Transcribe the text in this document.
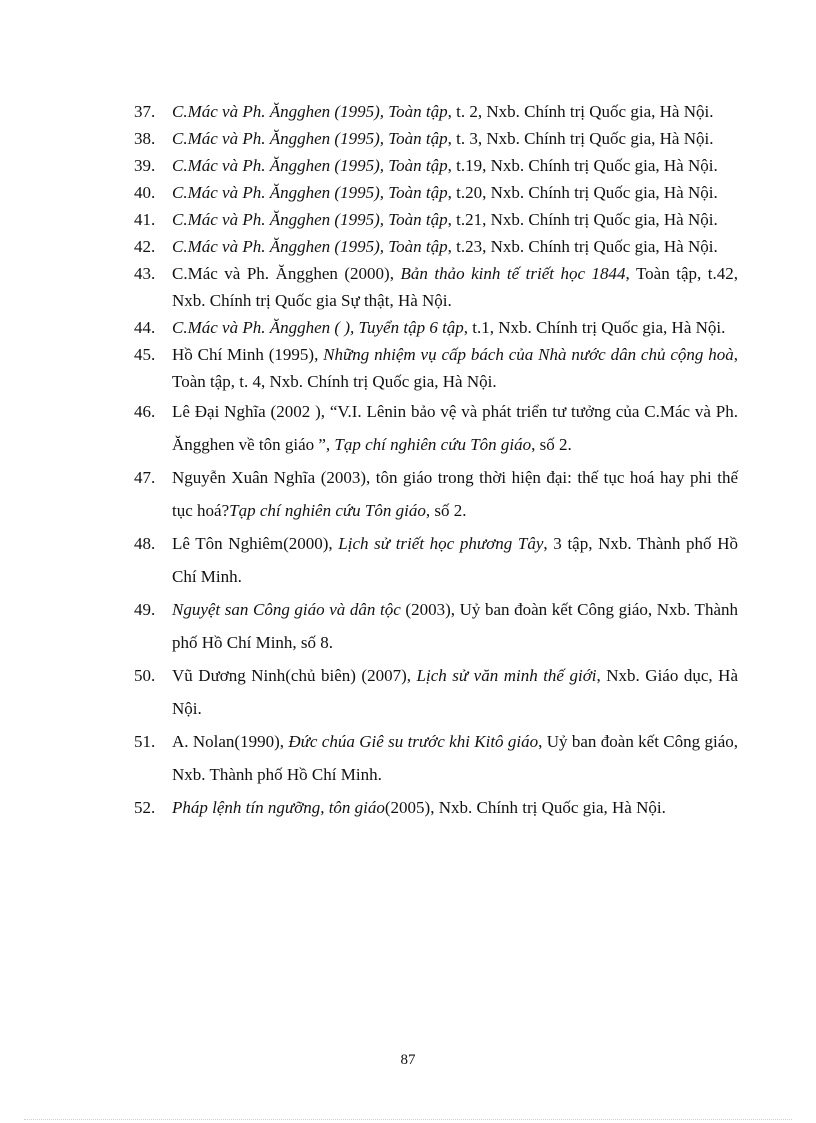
37. C.Mác và Ph. Ăngghen (1995), Toàn tập, t. 2, Nxb. Chính trị Quốc gia, Hà Nội.
38. C.Mác và Ph. Ăngghen (1995), Toàn tập, t. 3, Nxb. Chính trị Quốc gia, Hà Nội.
39. C.Mác và Ph. Ăngghen (1995), Toàn tập, t.19, Nxb. Chính trị Quốc gia, Hà Nội.
40. C.Mác và Ph. Ăngghen (1995), Toàn tập, t.20, Nxb. Chính trị Quốc gia, Hà Nội.
41. C.Mác và Ph. Ăngghen (1995), Toàn tập, t.21, Nxb. Chính trị Quốc gia, Hà Nội.
42. C.Mác và Ph. Ăngghen (1995), Toàn tập, t.23, Nxb. Chính trị Quốc gia, Hà Nội.
43. C.Mác và Ph. Ăngghen (2000), Bản thảo kinh tế triết học 1844, Toàn tập, t.42, Nxb. Chính trị Quốc gia Sự thật, Hà Nội.
44. C.Mác và Ph. Ăngghen ( ), Tuyển tập 6 tập, t.1, Nxb. Chính trị Quốc gia, Hà Nội.
45. Hồ Chí Minh (1995), Những nhiệm vụ cấp bách của Nhà nước dân chủ cộng hoà, Toàn tập, t. 4, Nxb. Chính trị Quốc gia, Hà Nội.
46. Lê Đại Nghĩa (2002 ), “V.I. Lênin bảo vệ và phát triển tư tưởng của C.Mác và Ph. Ăngghen về tôn giáo ”, Tạp chí nghiên cứu Tôn giáo, số 2.
47. Nguyễn Xuân Nghĩa (2003), tôn giáo trong thời hiện đại: thế tục hoá hay phi thế tục hoá?Tạp chí nghiên cứu Tôn giáo, số 2.
48. Lê Tôn Nghiêm(2000), Lịch sử triết học phương Tây, 3 tập, Nxb. Thành phố Hồ Chí Minh.
49. Nguyệt san Công giáo và dân tộc (2003), Uỷ ban đoàn kết Công giáo, Nxb. Thành phố Hồ Chí Minh, số 8.
50. Vũ Dương Ninh(chủ biên) (2007), Lịch sử văn minh thế giới, Nxb. Giáo dục, Hà Nội.
51. A. Nolan(1990), Đức chúa Giê su trước khi Kitô giáo, Uỷ ban đoàn kết Công giáo, Nxb. Thành phố Hồ Chí Minh.
52. Pháp lệnh tín ngưỡng, tôn giáo(2005), Nxb. Chính trị Quốc gia, Hà Nội.
87
